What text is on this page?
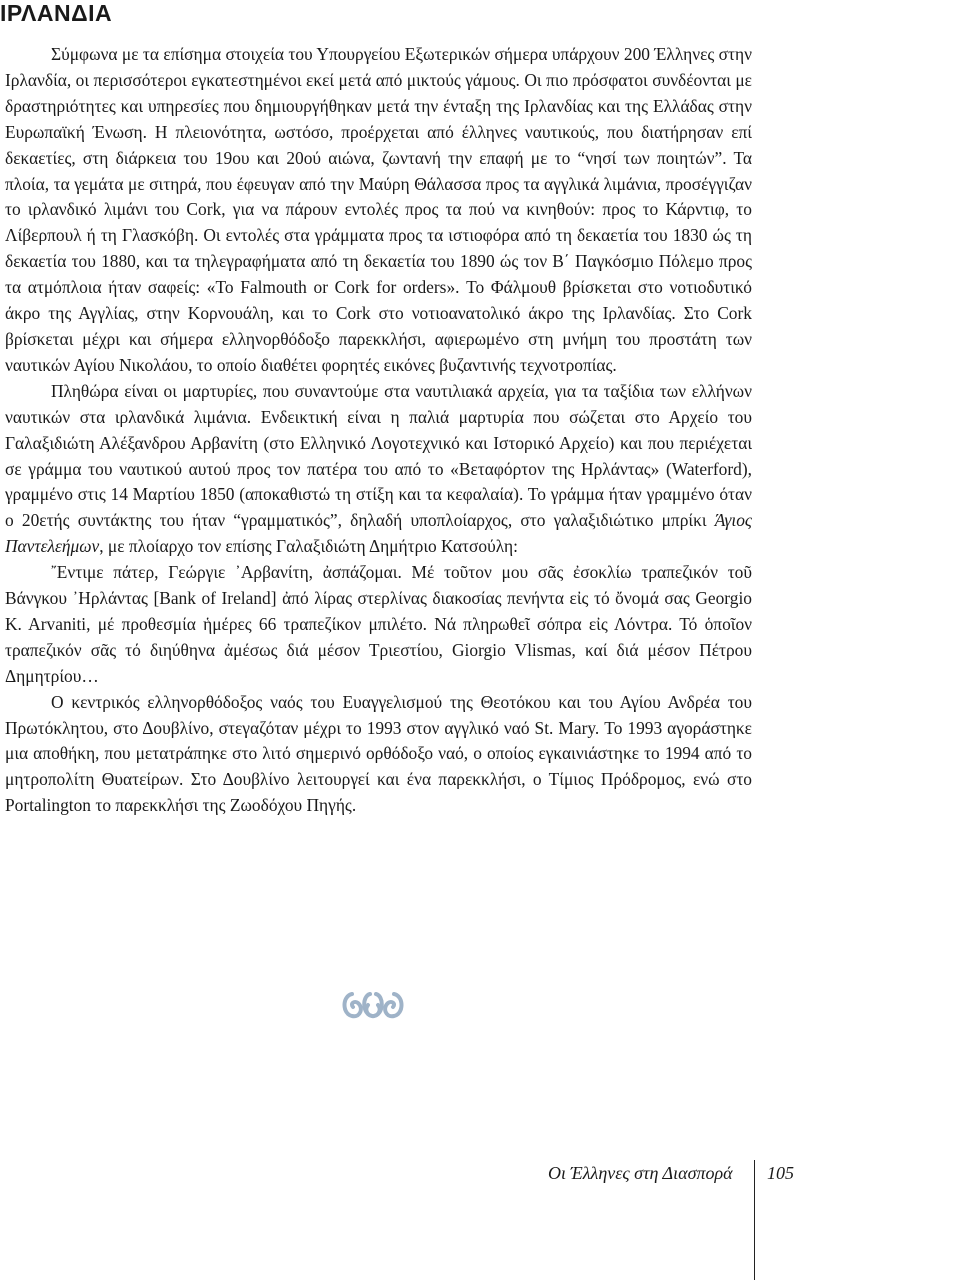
ΙΡΛΑΝΔΙΑ

Σύμφωνα με τα επίσημα στοιχεία του Υπουργείου Εξωτερικών σήμερα υπάρχουν 200 Έλληνες στην Ιρλανδία, οι περισσότεροι εγκατεστημένοι εκεί μετά από μικτούς γάμους. Οι πιο πρόσφατοι συνδέονται με δραστηριότητες και υπηρεσίες που δημιουργήθηκαν μετά την ένταξη της Ιρλανδίας και της Ελλάδας στην Ευρωπαϊκή Ένωση. Η πλειονότητα, ωστόσο, προέρχεται από έλληνες ναυτικούς, που διατήρησαν επί δεκαετίες, στη διάρκεια του 19ου και 20ού αιώνα, ζωντανή την επαφή με το “νησί των ποιητών”. Τα πλοία, τα γεμάτα με σιτηρά, που έφευγαν από την Μαύρη Θάλασσα προς τα αγγλικά λιμάνια, προσέγγιζαν το ιρλανδικό λιμάνι του Cork, για να πάρουν εντολές προς τα πού να κινηθούν: προς το Κάρντιφ, το Λίβερπουλ ή τη Γλασκόβη. Οι εντολές στα γράμματα προς τα ιστιοφόρα από τη δεκαετία του 1830 ώς τη δεκαετία του 1880, και τα τηλεγραφήματα από τη δεκαετία του 1890 ώς τον Β΄ Παγκόσμιο Πόλεμο προς τα ατμόπλοια ήταν σαφείς: «To Falmouth or Cork for orders». Το Φάλμουθ βρίσκεται στο νοτιοδυτικό άκρο της Αγγλίας, στην Κορνουάλη, και το Cork στο νοτιοανατολικό άκρο της Ιρλανδίας. Στο Cork βρίσκεται μέχρι και σήμερα ελληνορθόδοξο παρεκκλήσι, αφιερωμένο στη μνήμη του προστάτη των ναυτικών Αγίου Νικολάου, το οποίο διαθέτει φορητές εικόνες βυζαντινής τεχνοτροπίας.

Πληθώρα είναι οι μαρτυρίες, που συναντούμε στα ναυτιλιακά αρχεία, για τα ταξίδια των ελλήνων ναυτικών στα ιρλανδικά λιμάνια. Ενδεικτική είναι η παλιά μαρτυρία που σώζεται στο Αρχείο του Γαλαξιδιώτη Αλέξανδρου Αρβανίτη (στο Ελληνικό Λογοτεχνικό και Ιστορικό Αρχείο) και που περιέχεται σε γράμμα του ναυτικού αυτού προς τον πατέρα του από το «Βεταφόρτον της Ηρλάντας» (Waterford), γραμμένο στις 14 Μαρτίου 1850 (αποκαθιστώ τη στίξη και τα κεφαλαία). Το γράμμα ήταν γραμμένο όταν ο 20ετής συντάκτης του ήταν “γραμματικός”, δηλαδή υποπλοίαρχος, στο γαλαξιδιώτικο μπρίκι Άγιος Παντελεήμων, με πλοίαρχο τον επίσης Γαλαξιδιώτη Δημήτριο Κατσούλη:

῎Εντιμε πάτερ, Γεώργιε ᾿Αρβανίτη, ἀσπάζομαι. Μέ τοῦτον μου σᾶς ἐσοκλίω τραπεζικόν τοῦ Βάνγκου ᾿Ηρλάντας [Bank of Ireland] ἀπό λίρας στερλίνας διακοσίας πενήντα εἰς τό ὄνομά σας Georgio K. Arvaniti, μέ προθεσμία ἡμέρες 66 τραπεζίκον μπιλέτο. Νά πληρωθεῖ σόπρα εἰς Λόντρα. Τό ὁποῖον τραπεζικόν σᾶς τό διηύθηνα ἀμέσως διά μέσον Τριεστίου, Giorgio Vlismas, καί διά μέσον Πέτρου Δημητρίου…

Ο κεντρικός ελληνορθόδοξος ναός του Ευαγγελισμού της Θεοτόκου και του Αγίου Ανδρέα του Πρωτόκλητου, στο Δουβλίνο, στεγαζόταν μέχρι το 1993 στον αγγλικό ναό St. Mary. Το 1993 αγοράστηκε μια αποθήκη, που μετατράπηκε στο λιτό σημερινό ορθόδοξο ναό, ο οποίος εγκαινιάστηκε το 1994 από το μητροπολίτη Θυατείρων. Στο Δουβλίνο λειτουργεί και ένα παρεκκλήσι, ο Τίμιος Πρόδρομος, ενώ στο Portalington το παρεκκλήσι της Ζωοδόχου Πηγής.

Οι Έλληνες στη Διασπορά 105
